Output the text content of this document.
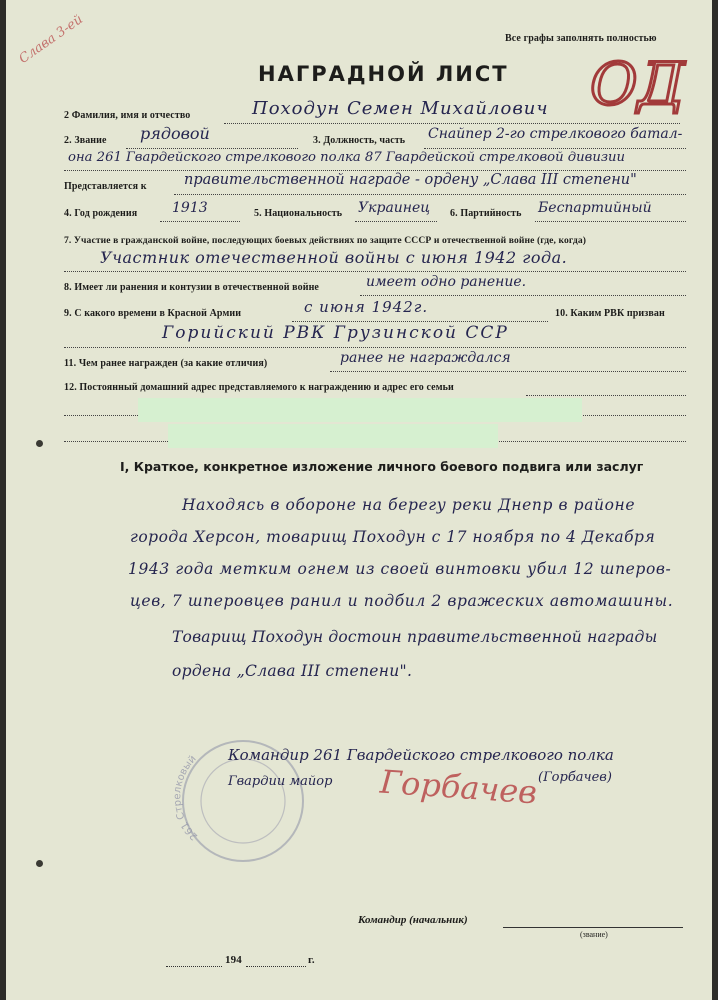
Слава 3-ей	Все графы заполнять полностью
ОД
НАГРАДНОЙ ЛИСТ
2 Фамилия, имя и отчество	Походун Семен Михайлович
2. Звание рядовой	3. Должность, часть Снайпер 2-го стрелкового батал-
она 261 Гвардейского стрелкового полка 87 Гвардейской стрелковой дивизии
Представляется к	правительственной награде - ордену „Слава III степени"
4. Год рождения 1913	5. Национальность Украинец 6. Партийность Беспартийный
7. Участие в гражданской войне, последующих боевых действиях по защите СССР и отечественной войне (где, когда)
Участник отечественной войны с июня 1942 года.
8. Имеет ли ранения и контузии в отечественной войне	имеет одно ранение.
9. С какого времени в Красной Армии	с июня 1942г.	10. Каким РВК призван
Горийский РВК Грузинской ССР
11. Чем ранее награжден (за какие отличия)	ранее не награждался
12. Постоянный домашний адрес представляемого к награждению и адрес его семьи
I, Краткое, конкретное изложение личного боевого подвига или заслуг
Находясь в обороне на берегу реки Днепр в районе
города Херсон, товарищ Походун с 17 ноября по 4 Декабря
1943 года метким огнем из своей винтовки убил 12 шперов-
цев, 7 шперовцев ранил и подбил 2 вражеских автомашины.
Товарищ Походун достоин правительственной награды
ордена „Слава III степени".
261 Стрелковый Командир 261 Гвардейского стрелкового полка
Гвардии майор Горбачев (Горбачев)
Командир (начальник)
(звание)
194	г.
